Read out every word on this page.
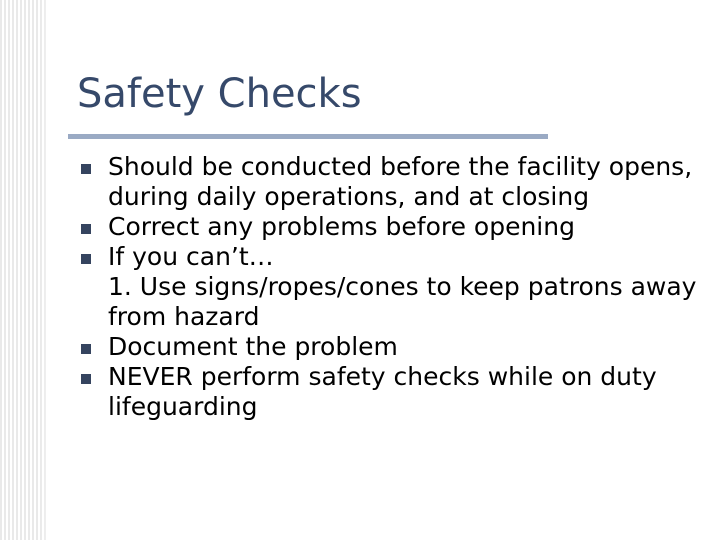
Safety Checks
Should be conducted before the facility opens, during daily operations, and at closing
Correct any problems before opening
If you can’t…
1. Use signs/ropes/cones to keep patrons away from hazard
Document the problem
NEVER perform safety checks while on duty lifeguarding
